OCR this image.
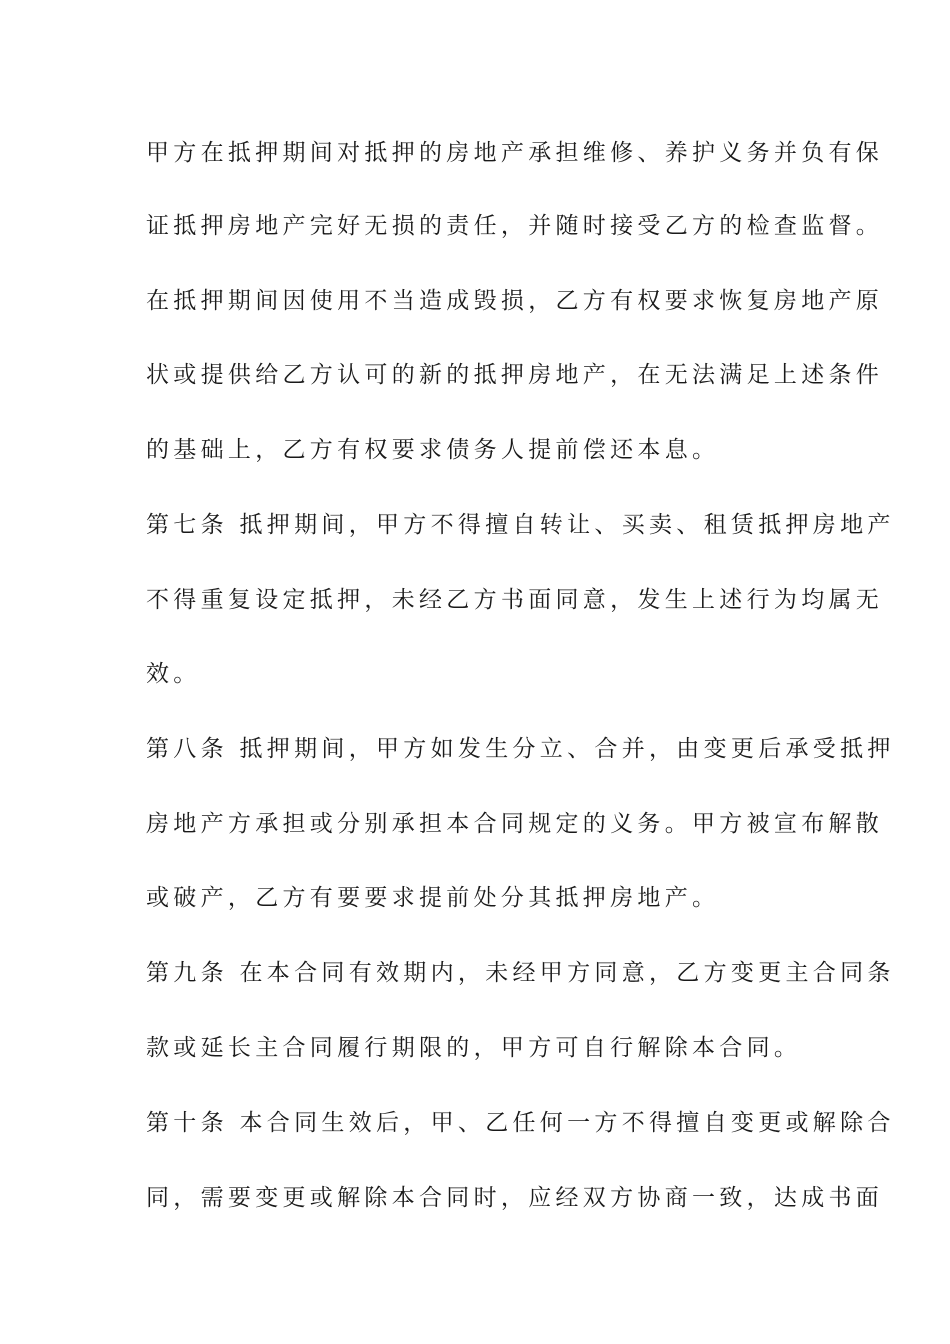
甲方在抵押期间对抵押的房地产承担维修、养护义务并负有保
证抵押房地产完好无损的责任，并随时接受乙方的检查监督。
在抵押期间因使用不当造成毁损，乙方有权要求恢复房地产原
状或提供给乙方认可的新的抵押房地产，在无法满足上述条件
的基础上，乙方有权要求债务人提前偿还本息。
第七条 抵押期间，甲方不得擅自转让、买卖、租赁抵押房地产
不得重复设定抵押，未经乙方书面同意，发生上述行为均属无
效。
第八条 抵押期间，甲方如发生分立、合并，由变更后承受抵押
房地产方承担或分别承担本合同规定的义务。甲方被宣布解散
或破产，乙方有要要求提前处分其抵押房地产。
第九条 在本合同有效期内，未经甲方同意，乙方变更主合同条
款或延长主合同履行期限的，甲方可自行解除本合同。
第十条 本合同生效后，甲、乙任何一方不得擅自变更或解除合
同，需要变更或解除本合同时，应经双方协商一致，达成书面
